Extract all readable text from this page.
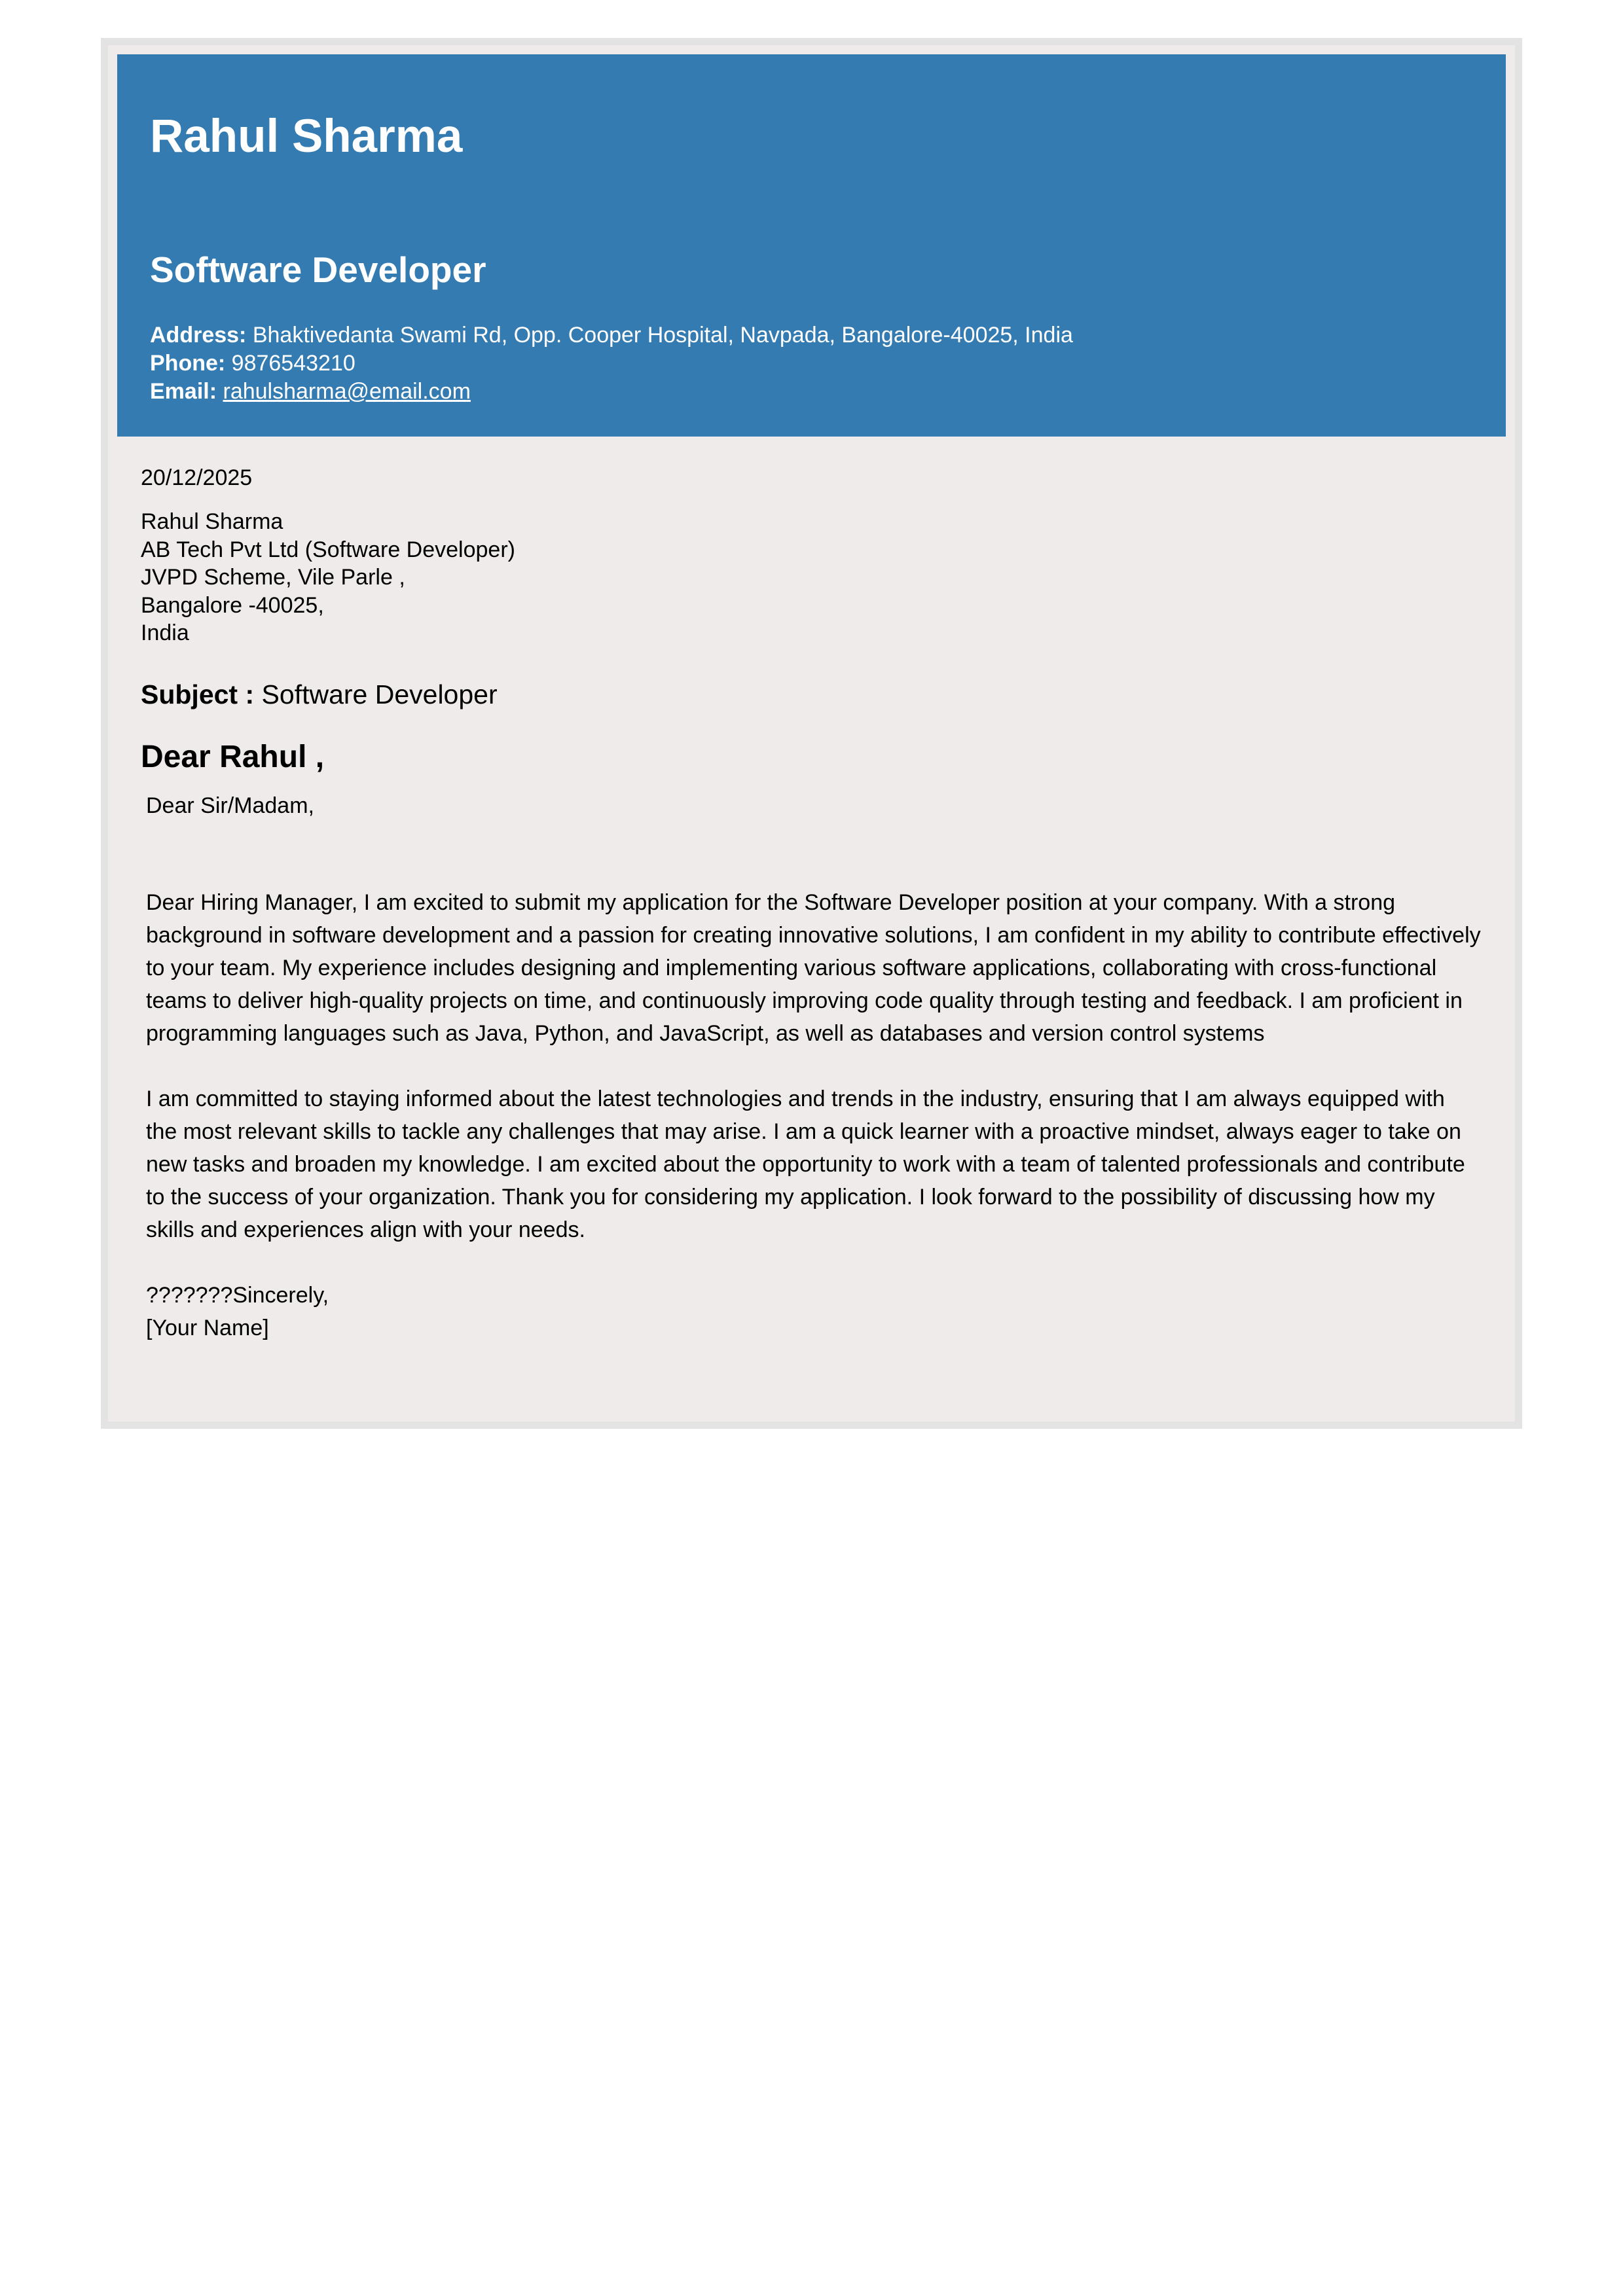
Rahul Sharma
Software Developer
Address: Bhaktivedanta Swami Rd, Opp. Cooper Hospital, Navpada, Bangalore-40025, India
Phone: 9876543210
Email: rahulsharma@email.com
20/12/2025
Rahul Sharma
AB Tech Pvt Ltd (Software Developer)
JVPD Scheme, Vile Parle ,
Bangalore -40025,
India
Subject : Software Developer
Dear Rahul ,
Dear Sir/Madam,

Dear Hiring Manager, I am excited to submit my application for the Software Developer position at your company. With a strong background in software development and a passion for creating innovative solutions, I am confident in my ability to contribute effectively to your team. My experience includes designing and implementing various software applications, collaborating with cross-functional teams to deliver high-quality projects on time, and continuously improving code quality through testing and feedback. I am proficient in programming languages such as Java, Python, and JavaScript, as well as databases and version control systems

I am committed to staying informed about the latest technologies and trends in the industry, ensuring that I am always equipped with the most relevant skills to tackle any challenges that may arise. I am a quick learner with a proactive mindset, always eager to take on new tasks and broaden my knowledge. I am excited about the opportunity to work with a team of talented professionals and contribute to the success of your organization. Thank you for considering my application. I look forward to the possibility of discussing how my skills and experiences align with your needs.

???????Sincerely,
[Your Name]
